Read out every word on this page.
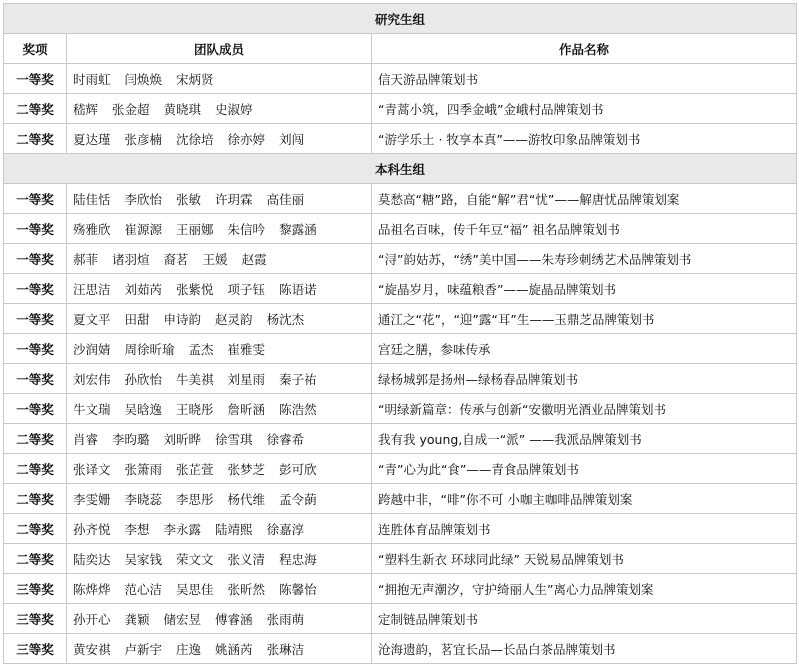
研究生组		
奖项	团队成员	作品名称
一等奖	时雨虹 闫焕焕 宋炳贤	信天游品牌策划书
二等奖	嵇辉 张金超 黄晓琪 史淑婷	“青蒿小筑，四季金峨”金峨村品牌策划书
二等奖	夏达瑾 张彦楠 沈徐培 徐亦婷 刘闯	“游学乐土 · 牧享本真”——游牧印象品牌策划书
本科生组		
一等奖	陆佳恬 李欣怡 张敏 许玥霖 高佳丽	莫愁高“糖”路，自能“解”君“忧”——解唐忧品牌策划案
一等奖	殇雅欣 崔源源 王丽娜 朱信吟 黎露涵	品祖名百味，传千年豆“福” 祖名品牌策划书
一等奖	郝菲 诸羽煊 裔茗 王媛 赵霞	“浔”韵姑苏，“绣”美中国——朱寿珍刺绣艺术品牌策划书
一等奖	汪思洁 刘茹芮 张紫悦 项子钰 陈语诺	“旋晶岁月，味蕴粮香”——旋晶品牌策划书
一等奖	夏文平 田甜 申诗韵 赵灵韵 杨沈杰	通江之“花”，“迎”露“耳”生——玉鼎芝品牌策划书
一等奖	沙润婧 周徐昕瑜 孟杰 崔雅雯	宫廷之膳，参味传承
一等奖	刘宏伟 孙欣怡 牛美祺 刘星雨 秦子祐	绿杨城郭是扬州—绿杨春品牌策划书
一等奖	牛文瑞 吴晗逸 王晓彤 詹昕涵 陈浩然	“明绿新篇章：传承与创新“安徽明光酒业品牌策划书
二等奖	肖睿 李昀璐 刘昕晔 徐雪琪 徐睿希	我有我 young,自成一“派” ——我派品牌策划书
二等奖	张译文 张箫雨 张芷萱 张梦芝 彭可欣	“青”心为此“食”——青食品牌策划书
二等奖	李雯姗 李晓蕊 李思彤 杨代维 孟令蓢	跨越中非，“啡”你不可 小咖主咖啡品牌策划案
二等奖	孙齐悦 李想 李永露 陆靖熙 徐嘉淳	连胜体育品牌策划书
二等奖	陆奕达 吴家钱 荣文文 张义清 程忠海	“塑料生新衣 环球同此绿” 天锐易品牌策划书
三等奖	陈烨烨 范心洁 吴思佳 张昕然 陈馨怡	“拥抱无声潮汐，守护绮丽人生”离心力品牌策划案
三等奖	孙开心 龚颖 储宏昱 傅睿涵 张雨萌	定制链品牌策划书
三等奖	黄安祺 卢新宇 庄逸 姚涵芮 张琳洁	沧海遗韵，茗宜长品—长品白茶品牌策划书
